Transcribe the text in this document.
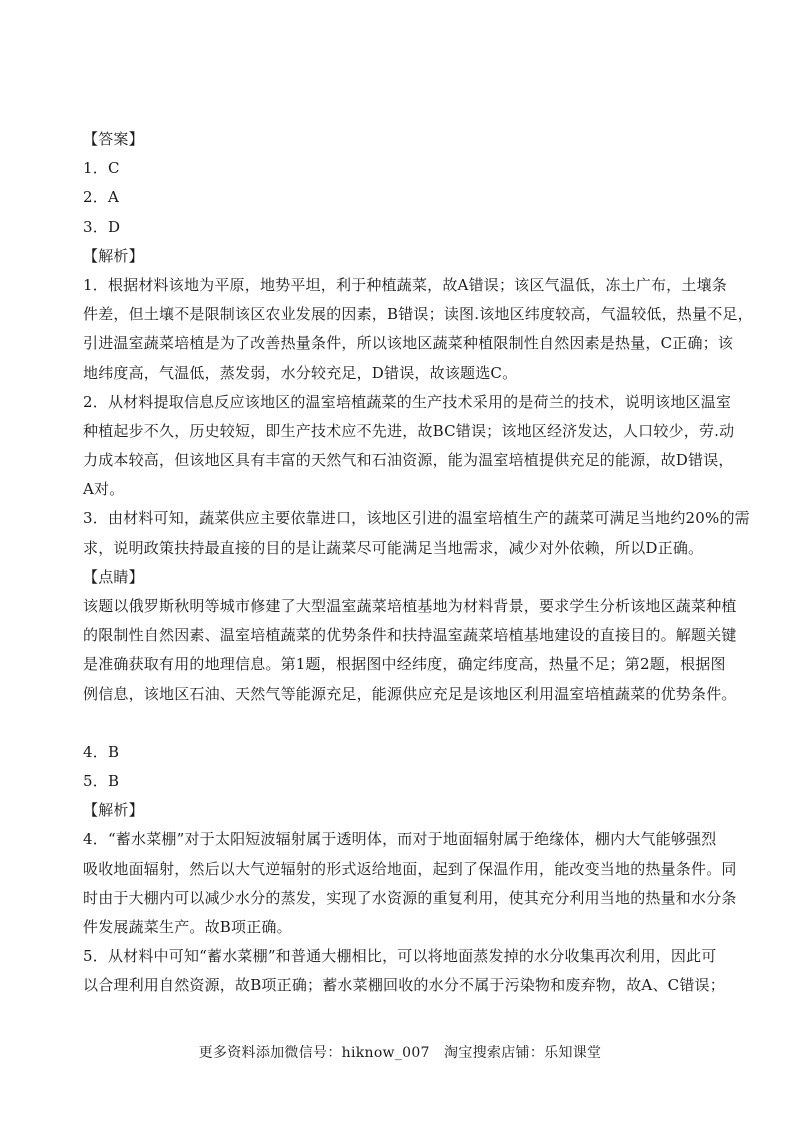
【答案】
1．C
2．A
3．D
【解析】
1．根据材料该地为平原，地势平坦，利于种植蔬菜，故A错误；该区气温低，冻土广布，土壤条
件差，但土壤不是限制该区农业发展的因素，B错误；读图.该地区纬度较高，气温较低，热量不足，
引进温室蔬菜培植是为了改善热量条件，所以该地区蔬菜种植限制性自然因素是热量，C正确；该
地纬度高，气温低，蒸发弱，水分较充足，D错误，故该题选C。
2．从材料提取信息反应该地区的温室培植蔬菜的生产技术采用的是荷兰的技术，说明该地区温室
种植起步不久，历史较短，即生产技术应不先进，故BC错误；该地区经济发达，人口较少，劳.动
力成本较高，但该地区具有丰富的天然气和石油资源，能为温室培植提供充足的能源，故D错误，
A对。
3．由材料可知，蔬菜供应主要依靠进口，该地区引进的温室培植生产的蔬菜可满足当地约20%的需
求，说明政策扶持最直接的目的是让蔬菜尽可能满足当地需求，减少对外依赖，所以D正确。
【点睛】
该题以俄罗斯秋明等城市修建了大型温室蔬菜培植基地为材料背景，要求学生分析该地区蔬菜种植
的限制性自然因素、温室培植蔬菜的优势条件和扶持温室蔬菜培植基地建设的直接目的。解题关键
是准确获取有用的地理信息。第1题，根据图中经纬度，确定纬度高，热量不足；第2题，根据图
例信息，该地区石油、天然气等能源充足，能源供应充足是该地区利用温室培植蔬菜的优势条件。
4．B
5．B
【解析】
4．“蓄水菜棚”对于太阳短波辐射属于透明体，而对于地面辐射属于绝缘体，棚内大气能够强烈
吸收地面辐射，然后以大气逆辐射的形式返给地面，起到了保温作用，能改变当地的热量条件。同
时由于大棚内可以减少水分的蒸发，实现了水资源的重复利用，使其充分利用当地的热量和水分条
件发展蔬菜生产。故B项正确。
5．从材料中可知“蓄水菜棚”和普通大棚相比，可以将地面蒸发掉的水分收集再次利用，因此可
以合理利用自然资源，故B项正确；蓄水菜棚回收的水分不属于污染物和废弃物，故A、C错误；
更多资料添加微信号：hiknow_007　淘宝搜索店铺：乐知课堂
